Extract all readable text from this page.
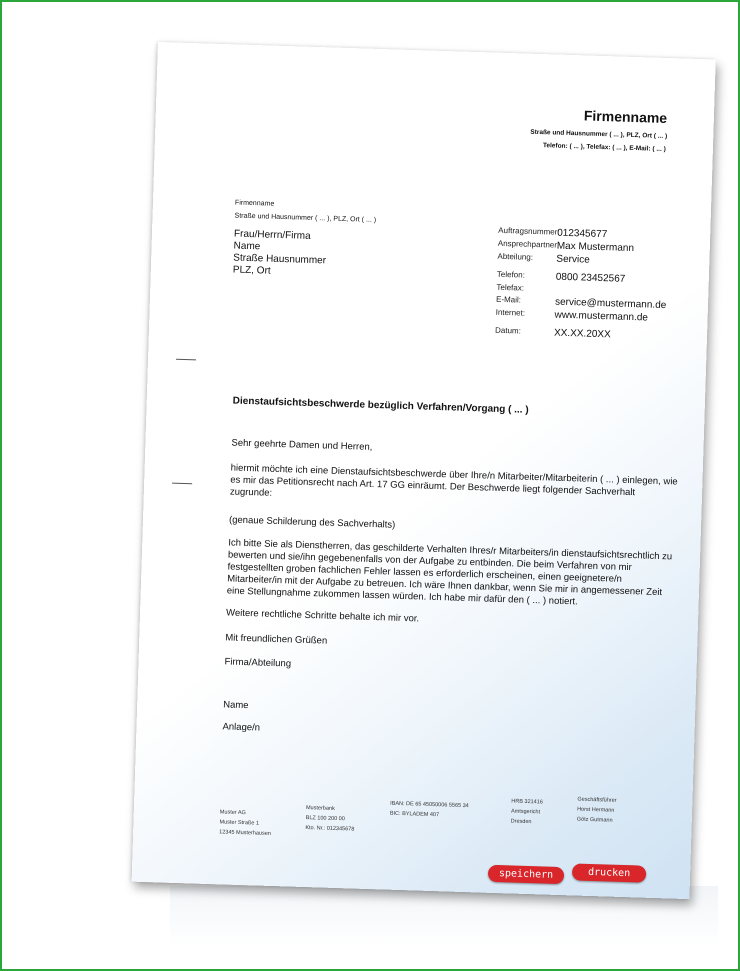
Firmenname
Straße und Hausnummer ( ... ), PLZ, Ort ( ... )
Telefon: ( ... ), Telefax: ( ... ), E-Mail: ( ... )
Firmenname
Straße und Hausnummer ( ... ), PLZ, Ort ( ... )
Frau/Herrn/Firma
Name
Straße Hausnummer
PLZ, Ort
Auftragsnummer:
012345677
Ansprechpartner:
Max Mustermann
Abteilung: Service
Telefon:	0800 23452567
Telefax:
E-Mail:	service@mustermann.de
Internet:	www.mustermann.de
Datum:	XX.XX.20XX
Dienstaufsichtsbeschwerde bezüglich Verfahren/Vorgang ( ... )
Sehr geehrte Damen und Herren,
hiermit möchte ich eine Dienstaufsichtsbeschwerde über Ihre/n Mitarbeiter/Mitarbeiterin ( ... ) einlegen, wie es mir das Petitionsrecht nach Art. 17 GG einräumt. Der Beschwerde liegt folgender Sachverhalt zugrunde:
(genaue Schilderung des Sachverhalts)
Ich bitte Sie als Dienstherren, das geschilderte Verhalten Ihres/r Mitarbeiters/in dienstaufsichtsrechtlich zu bewerten und sie/ihn gegebenenfalls von der Aufgabe zu entbinden. Die beim Verfahren von mir festgestellten groben fachlichen Fehler lassen es erforderlich erscheinen, einen geeignetere/n Mitarbeiter/in mit der Aufgabe zu betreuen. Ich wäre Ihnen dankbar, wenn Sie mir in angemessener Zeit eine Stellungnahme zukommen lassen würden. Ich habe mir dafür den ( ... ) notiert.
Weitere rechtliche Schritte behalte ich mir vor.
Mit freundlichen Grüßen
Firma/Abteilung
Name
Anlage/n
Muster AG
Muster Straße 1
12345 Musterhausen
Musterbank
BLZ 100 200 00
Kto. Nr.: 012345678
IBAN: DE 65 45050006 5565 34
BIC: BYLADEM 407
HRB 321416
Amtsgericht
Dresden
Geschäftsführer
Horst Hermann
Götz Gutmann
speichern	drucken
